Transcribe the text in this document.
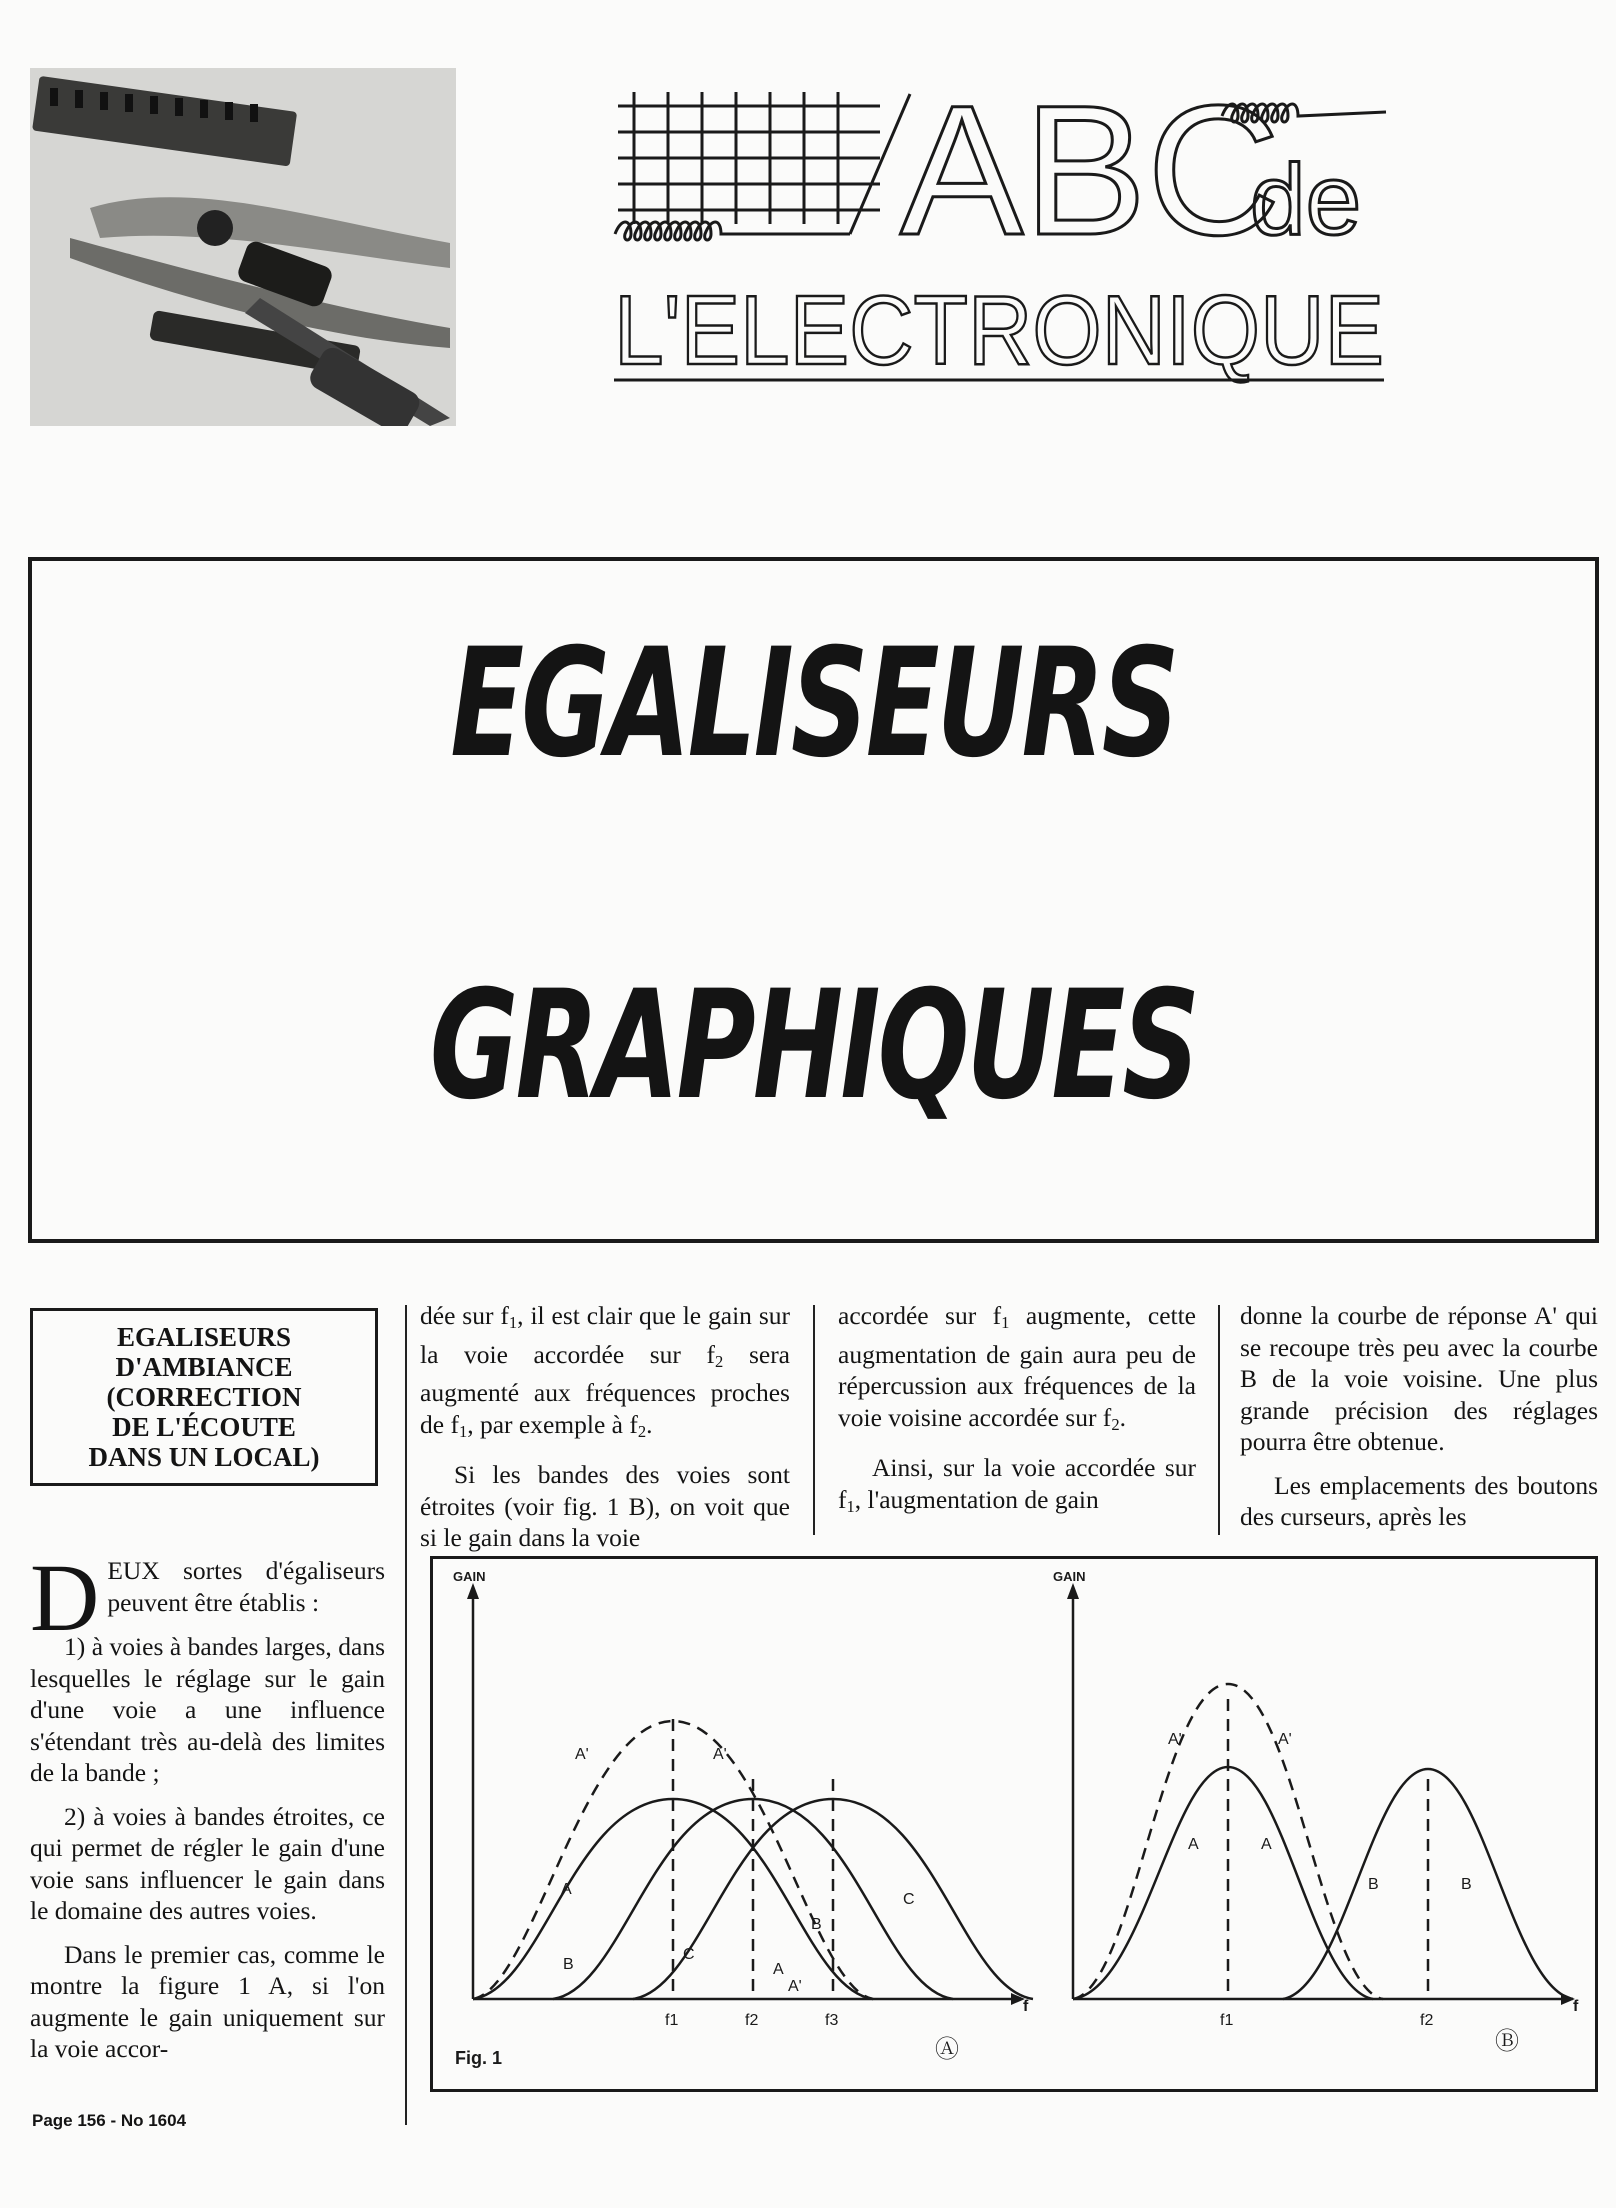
ABC
de
L'ELECTRONIQUE
EGALISEURS
GRAPHIQUES
EGALISEURS
D'AMBIANCE
(CORRECTION
DE L'ÉCOUTE
DANS UN LOCAL)

DEUX sortes d'égaliseurs peuvent être établis :

1) à voies à bandes larges, dans lesquelles le réglage sur le gain d'une voie a une influence s'étendant très au-delà des limites de la bande ;

2) à voies à bandes étroites, ce qui permet de régler le gain d'une voie sans influencer le gain dans le domaine des autres voies.

Dans le premier cas, comme le montre la figure 1 A, si l'on augmente le gain uniquement sur la voie accor-

dée sur $f_1$, il est clair que le gain sur la voie accordée sur $f_2$ sera augmenté aux fréquences proches de $f_1$, par exemple à $f_2$.

Si les bandes des voies sont étroites (voir fig. 1 B), on voit que si le gain dans la voie

accordée sur $f_1$ augmente, cette augmentation de gain aura peu de répercussion aux fréquences de la voie voisine accordée sur $f_2$.

Ainsi, sur la voie accordée sur $f_1$, l'augmentation de gain

donne la courbe de réponse A' qui se recoupe très peu avec la courbe B de la voie voisine. Une plus grande précision des réglages pourra être obtenue.

Les emplacements des boutons des curseurs, après les

GAIN
f
GAIN
f
f1	f2	f3
A
A'	A'
A
B
C
B
C
A'
f1	f2
A'	A'
A	A
B	B
Fig. 1	Ⓐ	Ⓑ
Page 156 - No 1604
